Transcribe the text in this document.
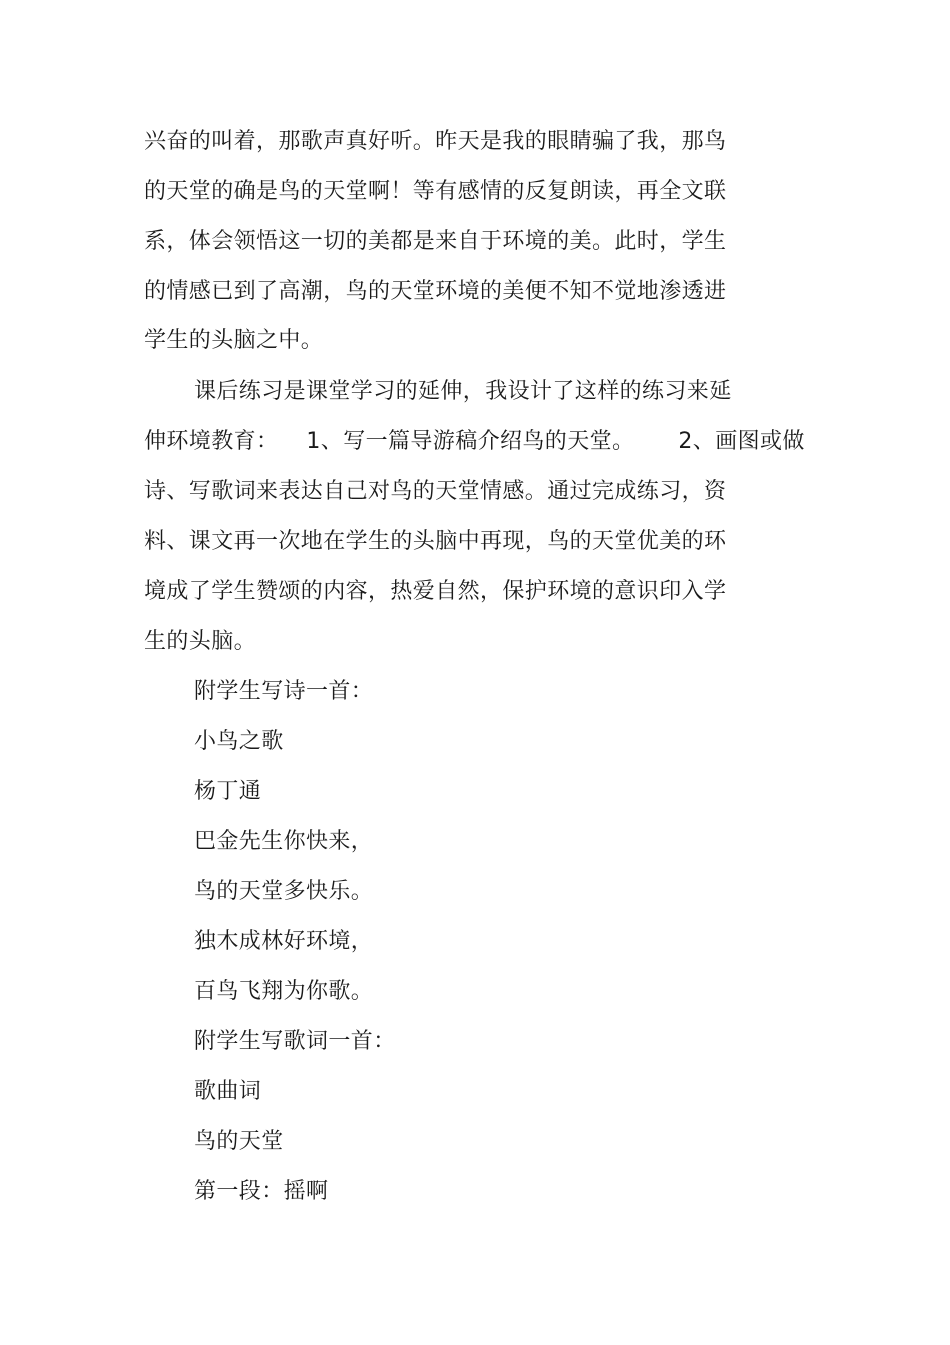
兴奋的叫着，那歌声真好听。昨天是我的眼睛骗了我，那鸟
的天堂的确是鸟的天堂啊！等有感情的反复朗读，再全文联
系，体会领悟这一切的美都是来自于环境的美。此时，学生
的情感已到了高潮，鸟的天堂环境的美便不知不觉地渗透进
学生的头脑之中。
课后练习是课堂学习的延伸，我设计了这样的练习来延
伸环境教育： 1、写一篇导游稿介绍鸟的天堂。 2、画图或做
诗、写歌词来表达自己对鸟的天堂情感。通过完成练习，资
料、课文再一次地在学生的头脑中再现，鸟的天堂优美的环
境成了学生赞颂的内容，热爱自然，保护环境的意识印入学
生的头脑。
附学生写诗一首：
小鸟之歌
杨丁通
巴金先生你快来，
鸟的天堂多快乐。
独木成林好环境，
百鸟飞翔为你歌。
附学生写歌词一首：
歌曲词
鸟的天堂
第一段：摇啊
